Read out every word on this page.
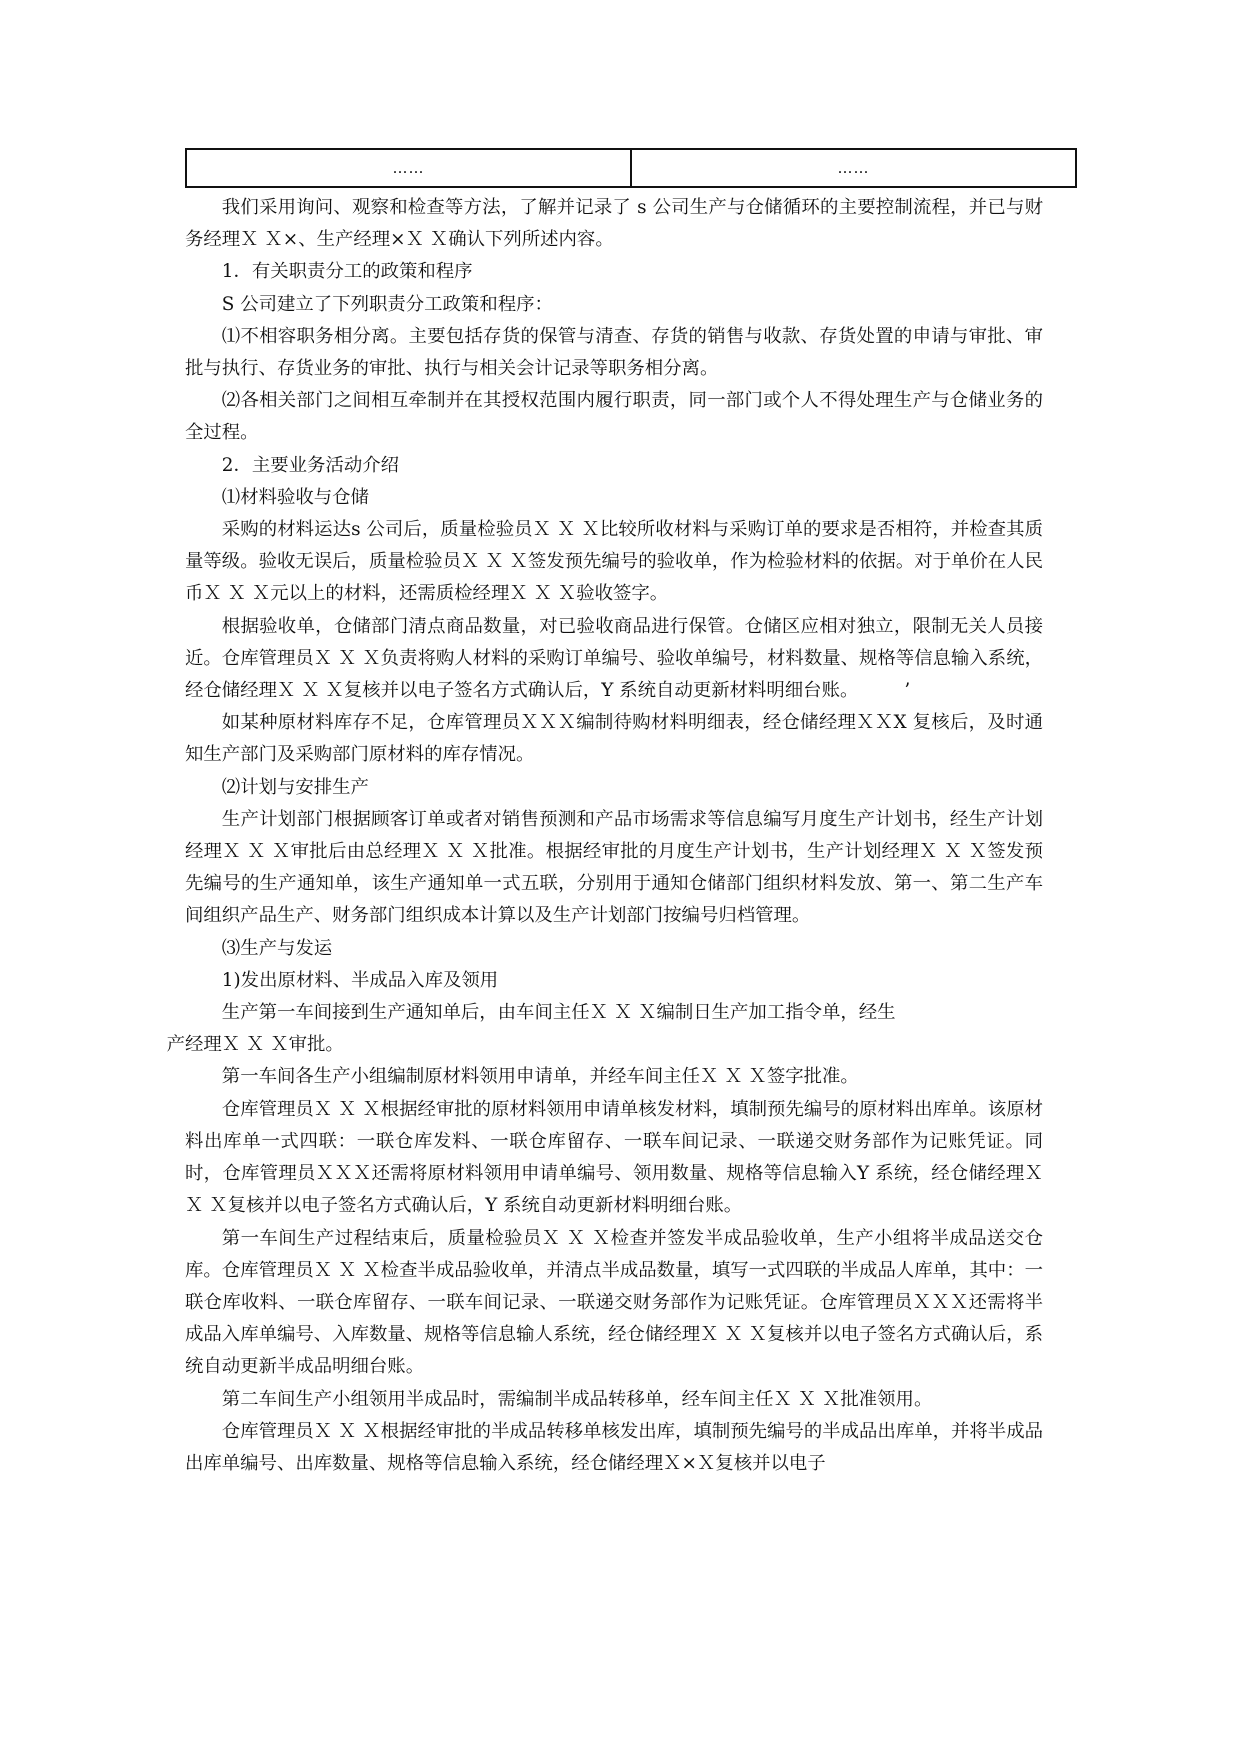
……	……

我们采用询问、观察和检查等方法，了解并记录了 s 公司生产与仓储循环的主要控制流程，并已与财务经理Ｘ Ｘ×、生产经理×Ｘ Ｘ确认下列所述内容。

1．有关职责分工的政策和程序

S 公司建立了下列职责分工政策和程序：

⑴不相容职务相分离。主要包括存货的保管与清查、存货的销售与收款、存货处置的申请与审批、审批与执行、存货业务的审批、执行与相关会计记录等职务相分离。

⑵各相关部门之间相互牵制并在其授权范围内履行职责，同一部门或个人不得处理生产与仓储业务的全过程。

2．主要业务活动介绍

⑴材料验收与仓储

采购的材料运达s 公司后，质量检验员Ｘ Ｘ Ｘ比较所收材料与采购订单的要求是否相符，并检查其质量等级。验收无误后，质量检验员Ｘ Ｘ Ｘ签发预先编号的验收单，作为检验材料的依据。对于单价在人民币Ｘ Ｘ Ｘ元以上的材料，还需质检经理Ｘ Ｘ Ｘ验收签字。

根据验收单，仓储部门清点商品数量，对已验收商品进行保管。仓储区应相对独立，限制无关人员接近。仓库管理员Ｘ Ｘ Ｘ负责将购人材料的采购订单编号、验收单编号，材料数量、规格等信息输入系统，经仓储经理Ｘ Ｘ Ｘ复核并以电子签名方式确认后，Y 系统自动更新材料明细台账。　　　’

如某种原材料库存不足，仓库管理员ＸＸＸ编制待购材料明细表，经仓储经理ＸＸX 复核后，及时通知生产部门及采购部门原材料的库存情况。

⑵计划与安排生产

生产计划部门根据顾客订单或者对销售预测和产品市场需求等信息编写月度生产计划书，经生产计划经理Ｘ Ｘ Ｘ审批后由总经理Ｘ Ｘ Ｘ批准。根据经审批的月度生产计划书，生产计划经理Ｘ Ｘ Ｘ签发预先编号的生产通知单，该生产通知单一式五联，分别用于通知仓储部门组织材料发放、第一、第二生产车间组织产品生产、财务部门组织成本计算以及生产计划部门按编号归档管理。

⑶生产与发运

1)发出原材料、半成品入库及领用

生产第一车间接到生产通知单后，由车间主任Ｘ Ｘ Ｘ编制日生产加工指令单，经生

产经理Ｘ Ｘ Ｘ审批。

第一车间各生产小组编制原材料领用申请单，并经车间主任Ｘ Ｘ Ｘ签字批准。

仓库管理员Ｘ Ｘ Ｘ根据经审批的原材料领用申请单核发材料，填制预先编号的原材料出库单。该原材料出库单一式四联：一联仓库发料、一联仓库留存、一联车间记录、一联递交财务部作为记账凭证。同时，仓库管理员ＸＸＸ还需将原材料领用申请单编号、领用数量、规格等信息输入Y 系统，经仓储经理Ｘ Ｘ Ｘ复核并以电子签名方式确认后，Y 系统自动更新材料明细台账。

第一车间生产过程结束后，质量检验员Ｘ Ｘ Ｘ检查并签发半成品验收单，生产小组将半成品送交仓库。仓库管理员Ｘ Ｘ Ｘ检查半成品验收单，并清点半成品数量，填写一式四联的半成品人库单，其中：一联仓库收料、一联仓库留存、一联车间记录、一联递交财务部作为记账凭证。仓库管理员ＸＸＸ还需将半成品入库单编号、入库数量、规格等信息输人系统，经仓储经理Ｘ Ｘ Ｘ复核并以电子签名方式确认后，系统自动更新半成品明细台账。

第二车间生产小组领用半成品时，需编制半成品转移单，经车间主任Ｘ Ｘ Ｘ批准领用。

仓库管理员Ｘ Ｘ Ｘ根据经审批的半成品转移单核发出库，填制预先编号的半成品出库单，并将半成品出库单编号、出库数量、规格等信息输入系统，经仓储经理Ｘ×Ｘ复核并以电子
